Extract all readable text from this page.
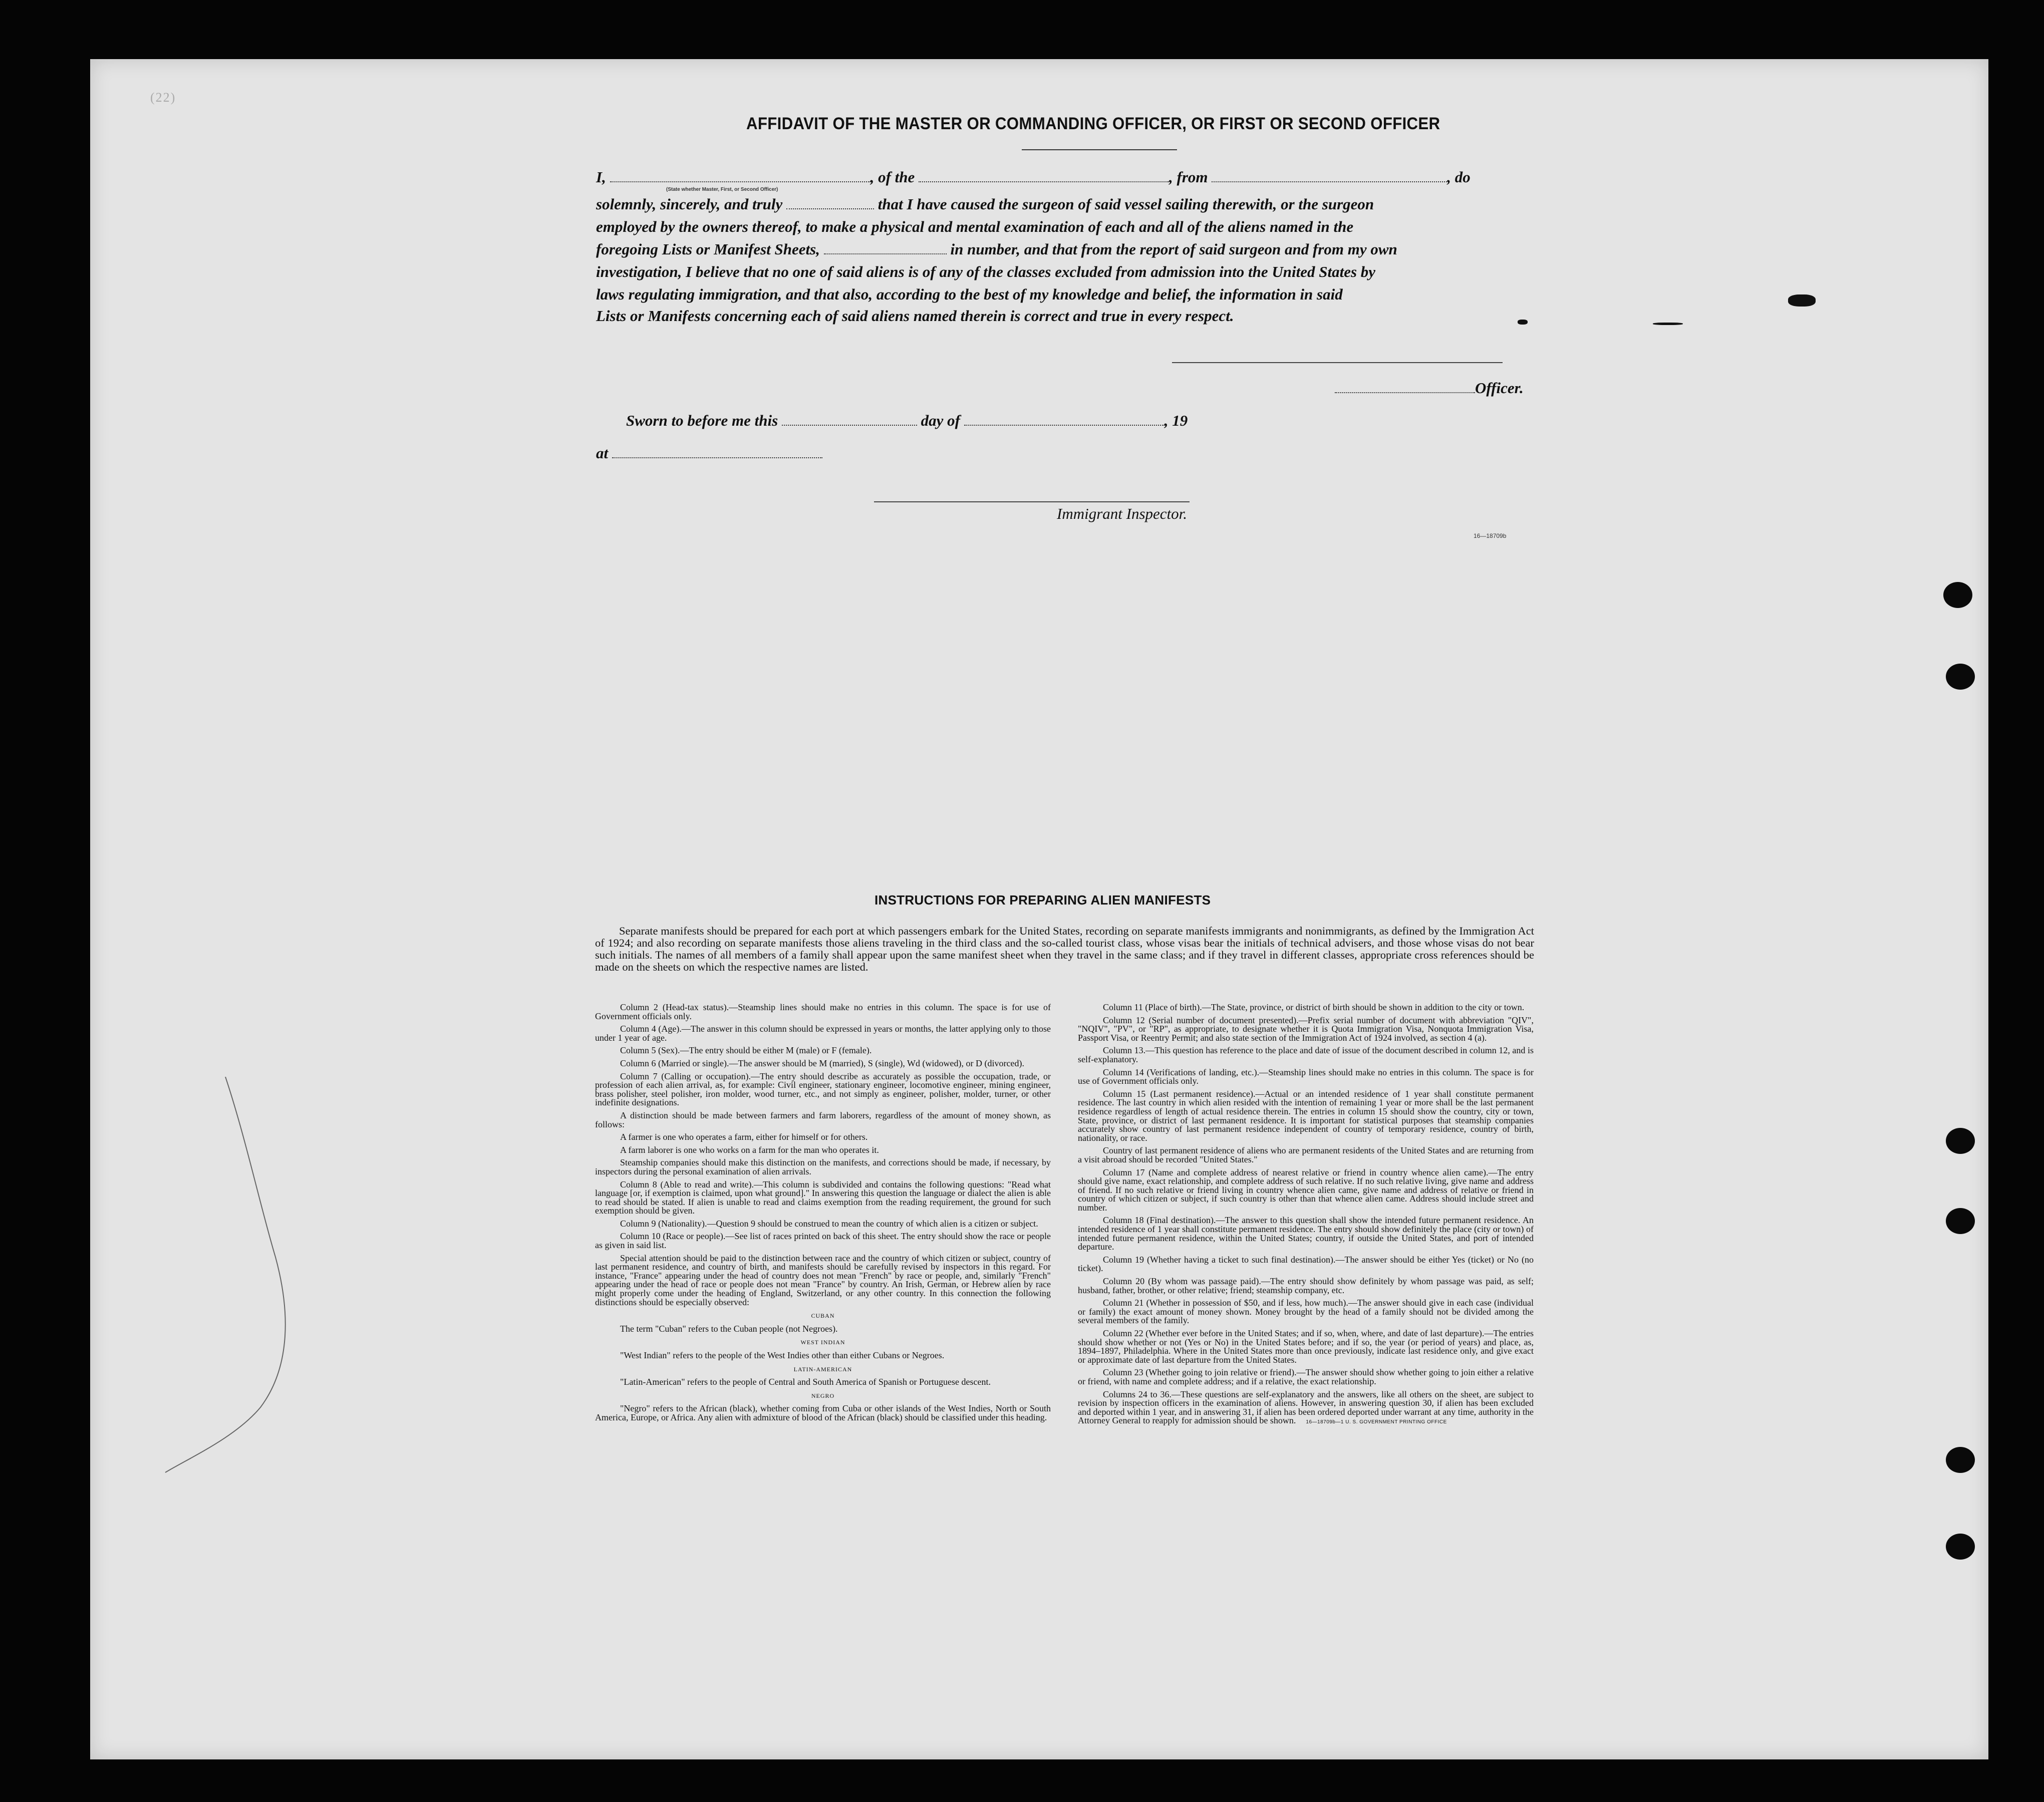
(22)
AFFIDAVIT OF THE MASTER OR COMMANDING OFFICER, OR FIRST OR SECOND OFFICER
I,	, of the	, from	, do
(State whether Master, First, or Second Officer)
solemnly, sincerely, and truly	that I have caused the surgeon of said vessel sailing therewith, or the surgeon
employed by the owners thereof, to make a physical and mental examination of each and all of the aliens named in the
foregoing Lists or Manifest Sheets,	in number, and that from the report of said surgeon and from my own
investigation, I believe that no one of said aliens is of any of the classes excluded from admission into the United States by
laws regulating immigration, and that also, according to the best of my knowledge and belief, the information in said
Lists or Manifests concerning each of said aliens named therein is correct and true in every respect.
Officer.
Sworn to before me this	day of	, 19
at
Immigrant Inspector.
16—18709b
INSTRUCTIONS FOR PREPARING ALIEN MANIFESTS

Separate manifests should be prepared for each port at which passengers embark for the United States, recording on separate manifests immigrants and nonimmigrants, as defined by the Immigration Act of 1924; and also recording on separate manifests those aliens traveling in the third class and the so-called tourist class, whose visas bear the initials of technical advisers, and those whose visas do not bear such initials. The names of all members of a family shall appear upon the same manifest sheet when they travel in the same class; and if they travel in different classes, appropriate cross references should be made on the sheets on which the respective names are listed.

Column 2 (Head-tax status).—Steamship lines should make no entries in this column. The space is for use of Government officials only.

Column 4 (Age).—The answer in this column should be expressed in years or months, the latter applying only to those under 1 year of age.

Column 5 (Sex).—The entry should be either M (male) or F (female).

Column 6 (Married or single).—The answer should be M (married), S (single), Wd (widowed), or D (divorced).

Column 7 (Calling or occupation).—The entry should describe as accurately as possible the occupation, trade, or profession of each alien arrival, as, for example: Civil engineer, stationary engineer, locomotive engineer, mining engineer, brass polisher, steel polisher, iron molder, wood turner, etc., and not simply as engineer, polisher, molder, turner, or other indefinite designations.

A distinction should be made between farmers and farm laborers, regardless of the amount of money shown, as follows:

A farmer is one who operates a farm, either for himself or for others.

A farm laborer is one who works on a farm for the man who operates it.

Steamship companies should make this distinction on the manifests, and corrections should be made, if necessary, by inspectors during the personal examination of alien arrivals.

Column 8 (Able to read and write).—This column is subdivided and contains the following questions: "Read what language [or, if exemption is claimed, upon what ground]." In answering this question the language or dialect the alien is able to read should be stated. If alien is unable to read and claims exemption from the reading requirement, the ground for such exemption should be given.

Column 9 (Nationality).—Question 9 should be construed to mean the country of which alien is a citizen or subject.

Column 10 (Race or people).—See list of races printed on back of this sheet. The entry should show the race or people as given in said list.

Special attention should be paid to the distinction between race and the country of which citizen or subject, country of last permanent residence, and country of birth, and manifests should be carefully revised by inspectors in this regard. For instance, "France" appearing under the head of country does not mean "French" by race or people, and, similarly "French" appearing under the head of race or people does not mean "France" by country. An Irish, German, or Hebrew alien by race might properly come under the heading of England, Switzerland, or any other country. In this connection the following distinctions should be especially observed:

CUBAN

The term "Cuban" refers to the Cuban people (not Negroes).

WEST INDIAN

"West Indian" refers to the people of the West Indies other than either Cubans or Negroes.

LATIN-AMERICAN

"Latin-American" refers to the people of Central and South America of Spanish or Portuguese descent.

NEGRO

"Negro" refers to the African (black), whether coming from Cuba or other islands of the West Indies, North or South America, Europe, or Africa. Any alien with admixture of blood of the African (black) should be classified under this heading.

Column 11 (Place of birth).—The State, province, or district of birth should be shown in addition to the city or town.

Column 12 (Serial number of document presented).—Prefix serial number of document with abbreviation "QIV", "NQIV", "PV", or "RP", as appropriate, to designate whether it is Quota Immigration Visa, Nonquota Immigration Visa, Passport Visa, or Reentry Permit; and also state section of the Immigration Act of 1924 involved, as section 4 (a).

Column 13.—This question has reference to the place and date of issue of the document described in column 12, and is self-explanatory.

Column 14 (Verifications of landing, etc.).—Steamship lines should make no entries in this column. The space is for use of Government officials only.

Column 15 (Last permanent residence).—Actual or an intended residence of 1 year shall constitute permanent residence. The last country in which alien resided with the intention of remaining 1 year or more shall be the last permanent residence regardless of length of actual residence therein. The entries in column 15 should show the country, city or town, State, province, or district of last permanent residence. It is important for statistical purposes that steamship companies accurately show country of last permanent residence independent of country of temporary residence, country of birth, nationality, or race.

Country of last permanent residence of aliens who are permanent residents of the United States and are returning from a visit abroad should be recorded "United States."

Column 17 (Name and complete address of nearest relative or friend in country whence alien came).—The entry should give name, exact relationship, and complete address of such relative. If no such relative living, give name and address of friend. If no such relative or friend living in country whence alien came, give name and address of relative or friend in country of which citizen or subject, if such country is other than that whence alien came. Address should include street and number.

Column 18 (Final destination).—The answer to this question shall show the intended future permanent residence. An intended residence of 1 year shall constitute permanent residence. The entry should show definitely the place (city or town) of intended future permanent residence, within the United States; country, if outside the United States, and port of intended departure.

Column 19 (Whether having a ticket to such final destination).—The answer should be either Yes (ticket) or No (no ticket).

Column 20 (By whom was passage paid).—The entry should show definitely by whom passage was paid, as self; husband, father, brother, or other relative; friend; steamship company, etc.

Column 21 (Whether in possession of $50, and if less, how much).—The answer should give in each case (individual or family) the exact amount of money shown. Money brought by the head of a family should not be divided among the several members of the family.

Column 22 (Whether ever before in the United States; and if so, when, where, and date of last departure).—The entries should show whether or not (Yes or No) in the United States before; and if so, the year (or period of years) and place, as, 1894–1897, Philadelphia. Where in the United States more than once previously, indicate last residence only, and give exact or approximate date of last departure from the United States.

Column 23 (Whether going to join relative or friend).—The answer should show whether going to join either a relative or friend, with name and complete address; and if a relative, the exact relationship.

Columns 24 to 36.—These questions are self-explanatory and the answers, like all others on the sheet, are subject to revision by inspection officers in the examination of aliens. However, in answering question 30, if alien has been excluded and deported within 1 year, and in answering 31, if alien has been ordered deported under warrant at any time, authority in the Attorney General to reapply for admission should be shown. 16—18709b—1 U. S. GOVERNMENT PRINTING OFFICE
